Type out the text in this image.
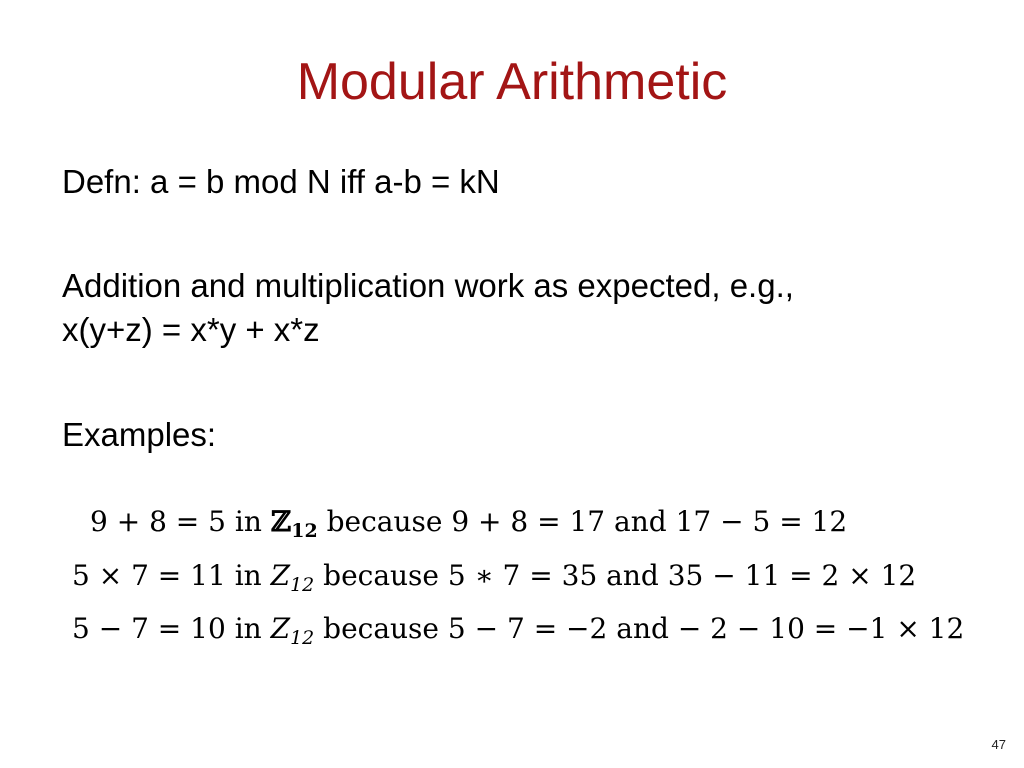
Modular Arithmetic
Defn: a = b mod N iff a-b = kN
Addition and multiplication work as expected, e.g.,
x(y+z) = x*y + x*z
Examples:
9 + 8 = 5 in ℤ$_{12}$ because 9 + 8 = 17 and 17 − 5 = 12
5 × 7 = 11 in $Z_{12}$ because 5 ∗ 7 = 35 and 35 − 11 = 2 × 12
5 − 7 = 10 in $Z_{12}$ because 5 − 7 = −2 and − 2 − 10 = −1 × 12
47
